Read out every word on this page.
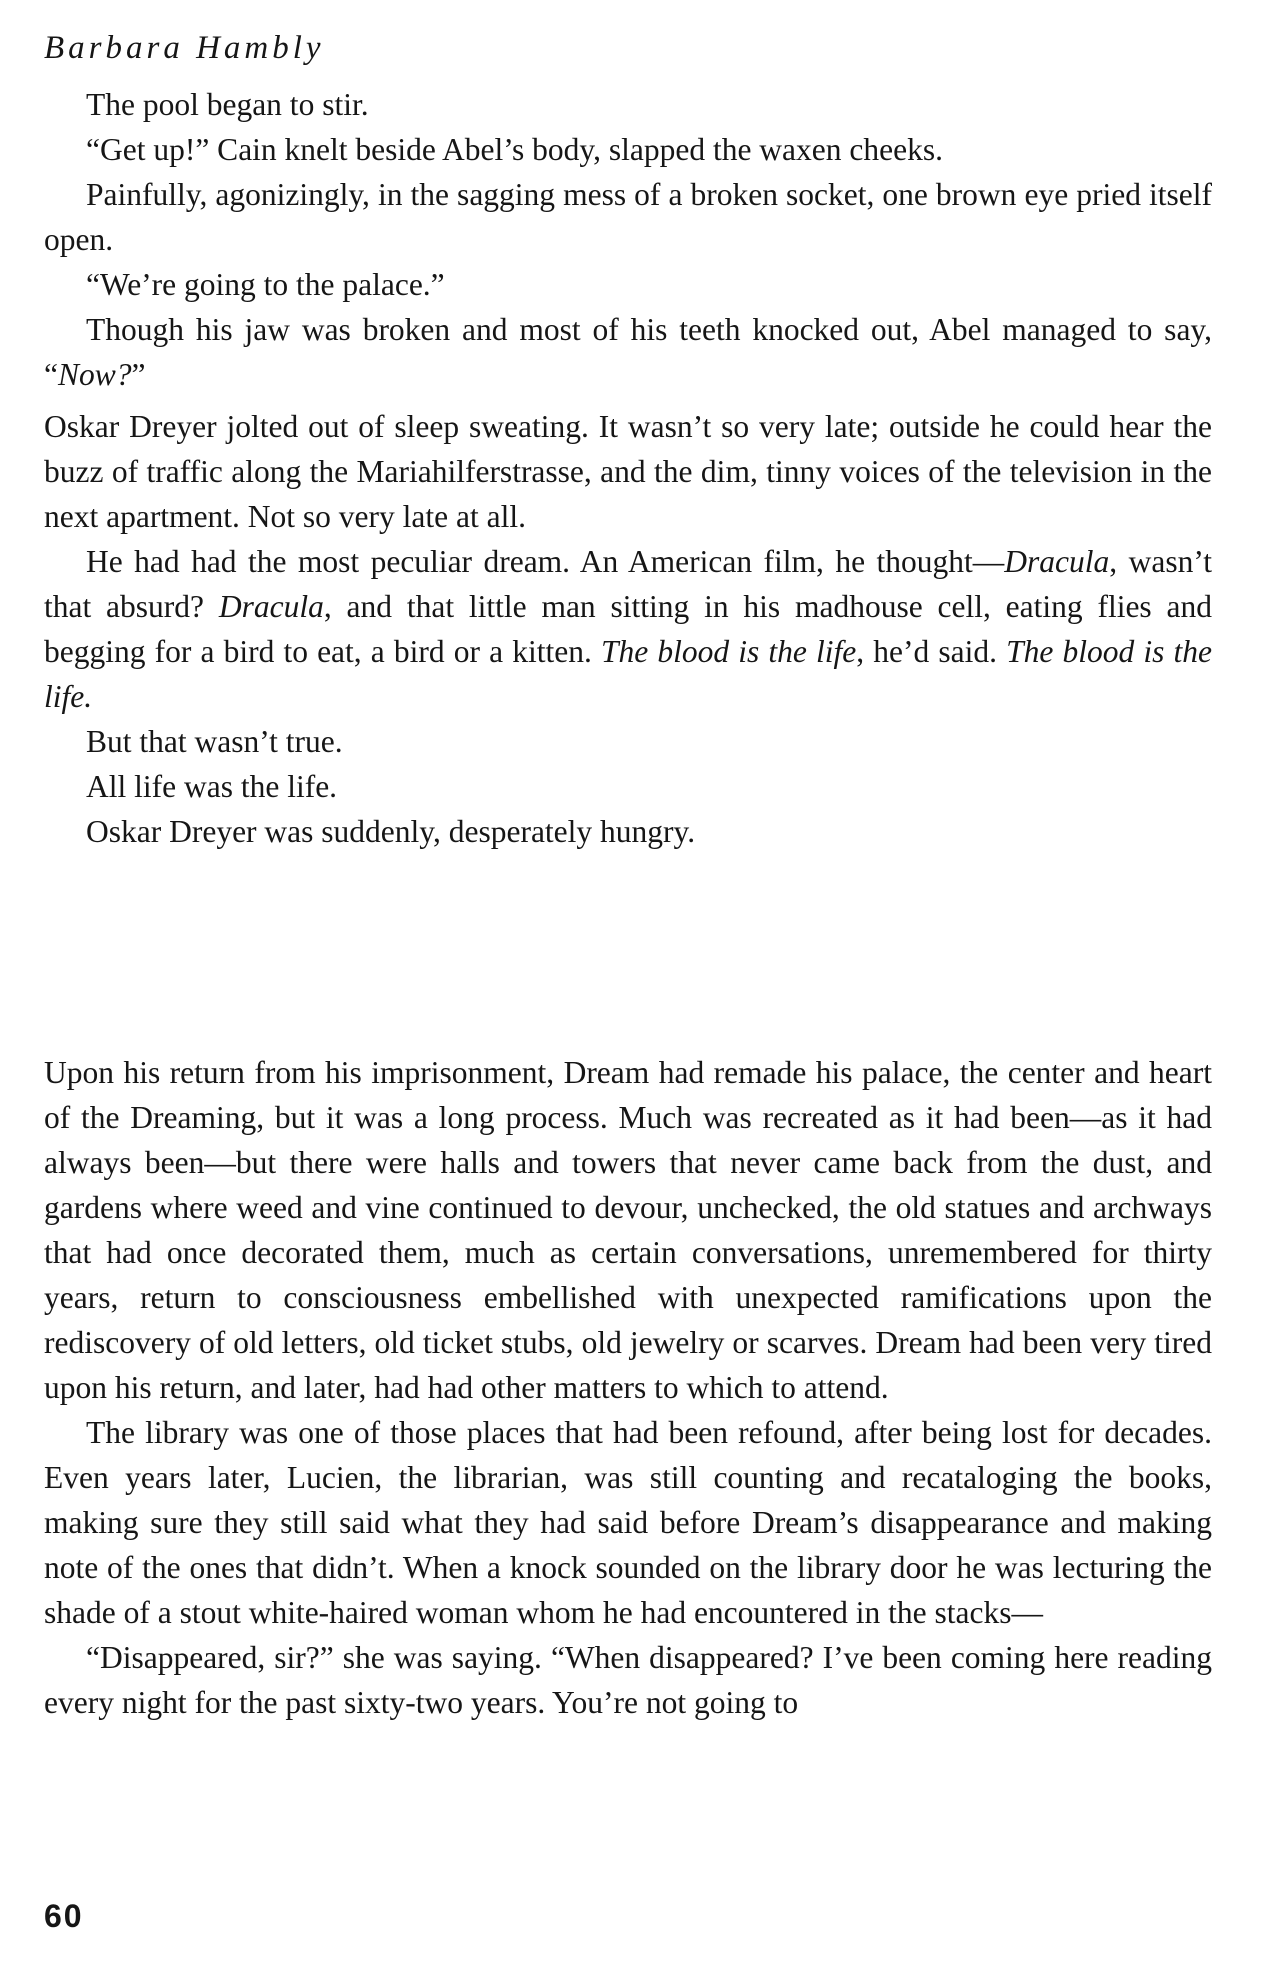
Barbara Hambly

The pool began to stir.

“Get up!” Cain knelt beside Abel’s body, slapped the waxen cheeks.

Painfully, agonizingly, in the sagging mess of a broken socket, one brown eye pried itself open.

“We’re going to the palace.”

Though his jaw was broken and most of his teeth knocked out, Abel managed to say, “Now?”

Oskar Dreyer jolted out of sleep sweating. It wasn’t so very late; outside he could hear the buzz of traffic along the Mariahilferstrasse, and the dim, tinny voices of the television in the next apartment. Not so very late at all.

He had had the most peculiar dream. An American film, he thought—Dracula, wasn’t that absurd? Dracula, and that little man sitting in his madhouse cell, eating flies and begging for a bird to eat, a bird or a kitten. The blood is the life, he’d said. The blood is the life.

But that wasn’t true.

All life was the life.

Oskar Dreyer was suddenly, desperately hungry.

Upon his return from his imprisonment, Dream had remade his palace, the center and heart of the Dreaming, but it was a long process. Much was recreated as it had been—as it had always been—but there were halls and towers that never came back from the dust, and gardens where weed and vine continued to devour, unchecked, the old statues and archways that had once decorated them, much as certain conversations, unremembered for thirty years, return to consciousness embellished with unexpected ramifications upon the rediscovery of old letters, old ticket stubs, old jewelry or scarves. Dream had been very tired upon his return, and later, had had other matters to which to attend.

The library was one of those places that had been refound, after being lost for decades. Even years later, Lucien, the librarian, was still counting and recataloging the books, making sure they still said what they had said before Dream’s disappearance and making note of the ones that didn’t. When a knock sounded on the library door he was lecturing the shade of a stout white-haired woman whom he had encountered in the stacks—

“Disappeared, sir?” she was saying. “When disappeared? I’ve been coming here reading every night for the past sixty-two years. You’re not going to

60
